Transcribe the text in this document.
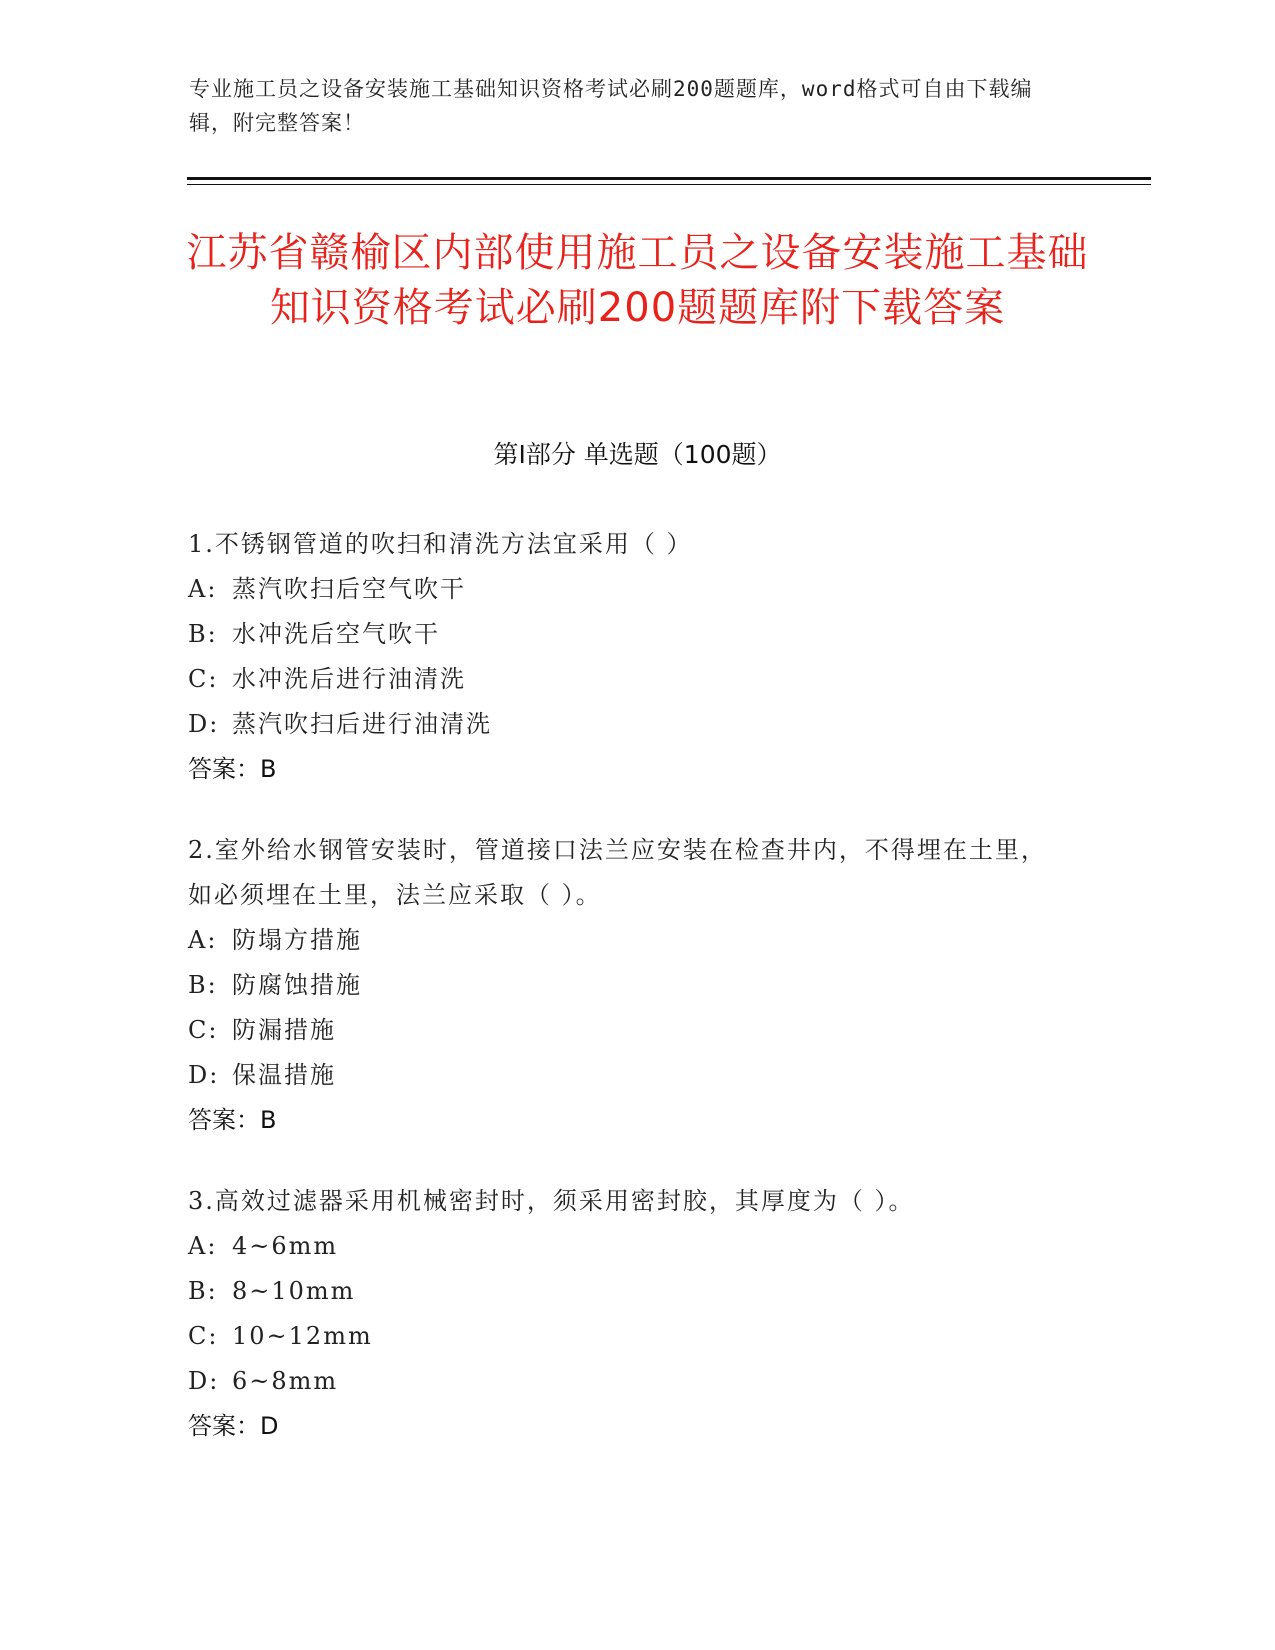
专业施工员之设备安装施工基础知识资格考试必刷200题题库，word格式可自由下载编辑，附完整答案！
江苏省赣榆区内部使用施工员之设备安装施工基础知识资格考试必刷200题题库附下载答案
第I部分 单选题（100题）
1.不锈钢管道的吹扫和清洗方法宜采用（ ）
A: 蒸汽吹扫后空气吹干
B: 水冲洗后空气吹干
C: 水冲洗后进行油清洗
D: 蒸汽吹扫后进行油清洗
答案：B
2.室外给水钢管安装时，管道接口法兰应安装在检查井内，不得埋在土里，如必须埋在土里，法兰应采取（ ）。
A: 防塌方措施
B: 防腐蚀措施
C: 防漏措施
D: 保温措施
答案：B
3.高效过滤器采用机械密封时，须采用密封胶，其厚度为（ ）。
A: 4~6mm
B: 8~10mm
C: 10~12mm
D: 6~8mm
答案：D
